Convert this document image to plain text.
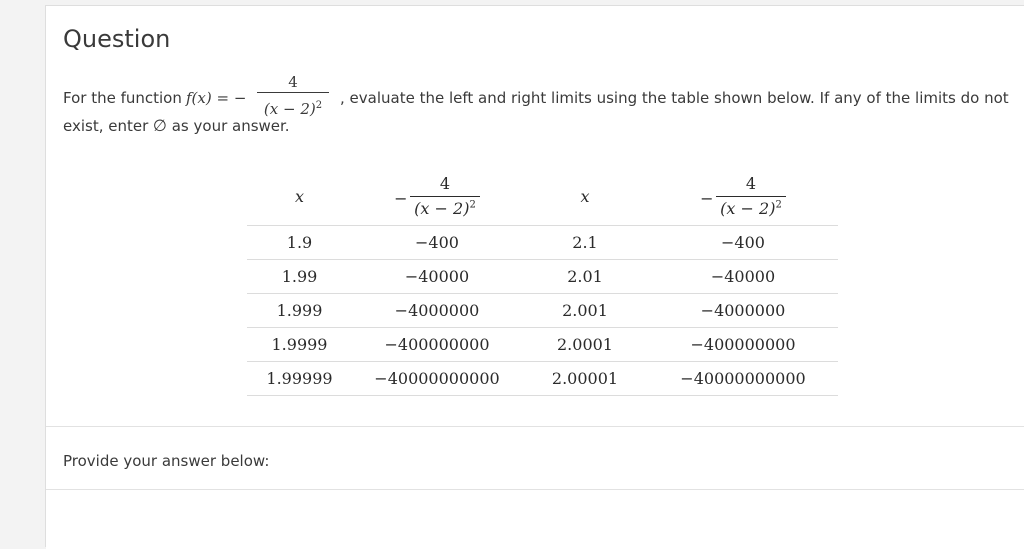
Question
For the function f(x) = −
4
$(x - 2)^2$	, evaluate the left and right limits using the table shown below. If any of the limits do not
exist, enter ∅ as your answer.
x	− $\frac{4}{(x - 2)^2}$	x	− $\frac{4}{(x - 2)^2}$

1.9	−400	2.1	−400
1.99	−40000	2.01	−40000
1.999	−4000000	2.001	−4000000
1.9999	−400000000	2.0001	−400000000
1.99999	−40000000000	2.00001	−40000000000
Provide your answer below:
